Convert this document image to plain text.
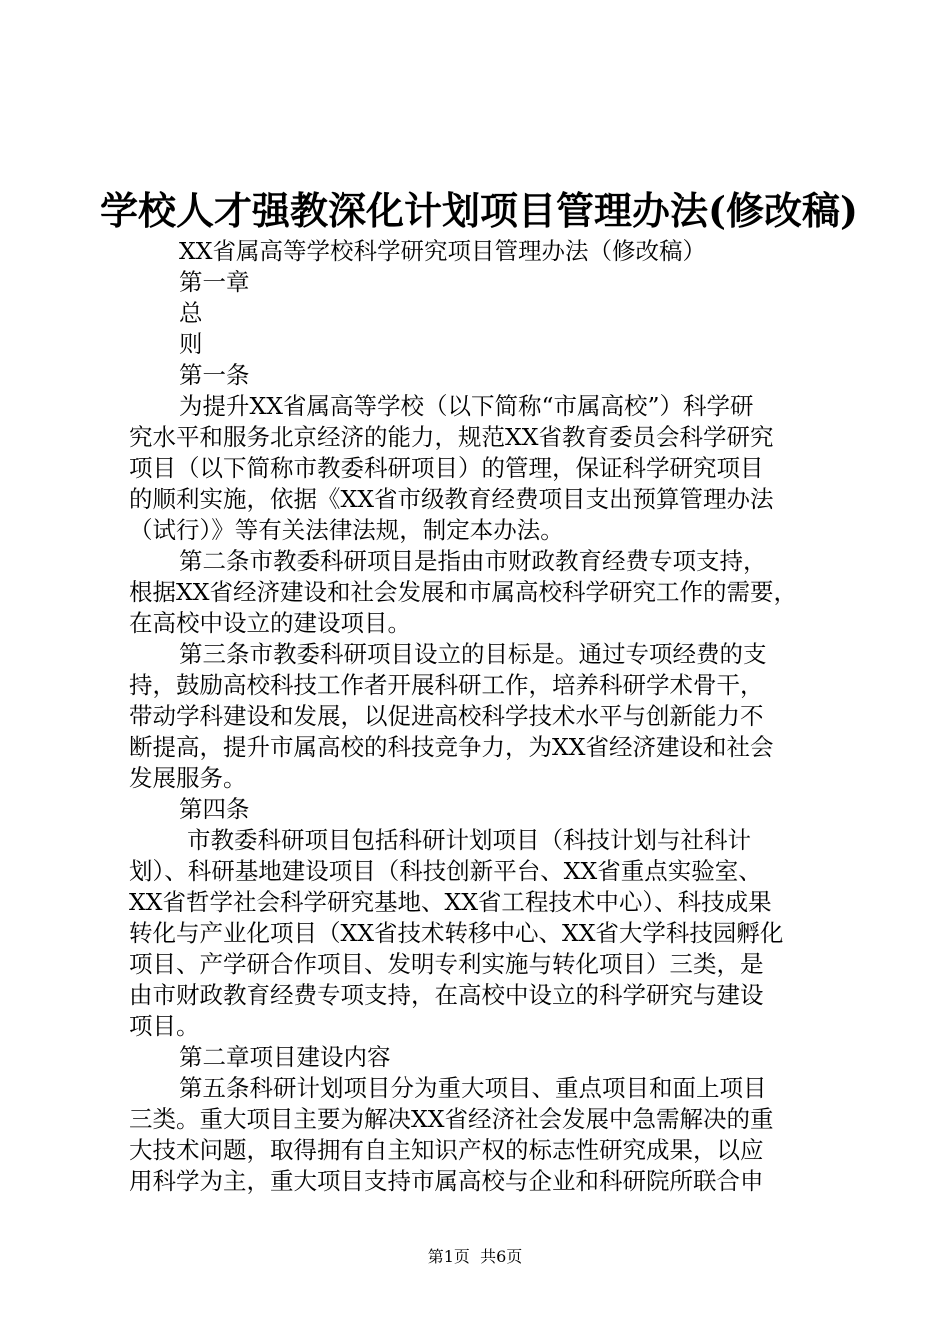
学校人才强教深化计划项目管理办法(修改稿)
XX省属高等学校科学研究项目管理办法（修改稿）
第一章
总
则
第一条
为提升XX省属高等学校（以下简称“市属高校”）科学研
究水平和服务北京经济的能力，规范XX省教育委员会科学研究
项目（以下简称市教委科研项目）的管理，保证科学研究项目
的顺利实施，依据《XX省市级教育经费项目支出预算管理办法
（试行）》等有关法律法规，制定本办法。
第二条市教委科研项目是指由市财政教育经费专项支持，
根据XX省经济建设和社会发展和市属高校科学研究工作的需要，
在高校中设立的建设项目。
第三条市教委科研项目设立的目标是。通过专项经费的支
持，鼓励高校科技工作者开展科研工作，培养科研学术骨干，
带动学科建设和发展，以促进高校科学技术水平与创新能力不
断提高，提升市属高校的科技竞争力，为XX省经济建设和社会
发展服务。
第四条
市教委科研项目包括科研计划项目（科技计划与社科计
划）、科研基地建设项目（科技创新平台、XX省重点实验室、
XX省哲学社会科学研究基地、XX省工程技术中心）、科技成果
转化与产业化项目（XX省技术转移中心、XX省大学科技园孵化
项目、产学研合作项目、发明专利实施与转化项目）三类，是
由市财政教育经费专项支持，在高校中设立的科学研究与建设
项目。
第二章项目建设内容
第五条科研计划项目分为重大项目、重点项目和面上项目
三类。重大项目主要为解决XX省经济社会发展中急需解决的重
大技术问题，取得拥有自主知识产权的标志性研究成果，以应
用科学为主，重大项目支持市属高校与企业和科研院所联合申
第1页 共6页
